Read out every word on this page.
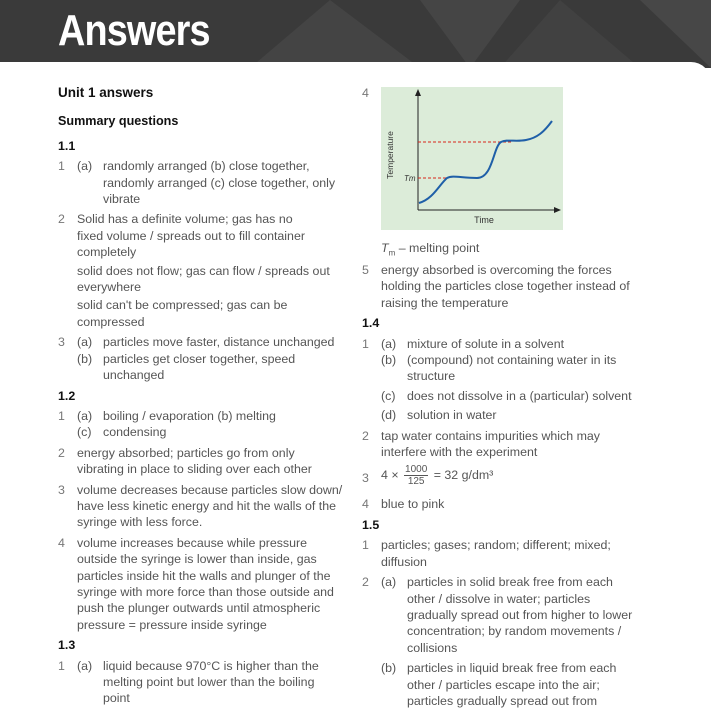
Answers
Unit 1 answers
Summary questions
1.1
1 (a) randomly arranged (b) close together,
randomly arranged (c) close together, only
vibrate
2 Solid has a definite volume; gas has no
fixed volume / spreads out to fill container
completely
solid does not flow; gas can flow / spreads out
everywhere
solid can't be compressed; gas can be
compressed
3 (a) particles move faster, distance unchanged
(b) particles get closer together, speed
unchanged
1.2
1 (a) boiling / evaporation (b) melting
(c) condensing
2 energy absorbed; particles go from only
vibrating in place to sliding over each other
3 volume decreases because particles slow down/
have less kinetic energy and hit the walls of the
syringe with less force.
4 volume increases because while pressure
outside the syringe is lower than inside, gas
particles inside hit the walls and plunger of the
syringe with more force than those outside and
push the plunger outwards until atmospheric
pressure = pressure inside syringe
1.3
1 (a) liquid because 970°C is higher than the
melting point but lower than the boiling
point
4
Temperature Tm
Time
$T_m$ – melting point
5 energy absorbed is overcoming the forces
holding the particles close together instead of
raising the temperature
1.4
1 (a) mixture of solute in a solvent
(b) (compound) not containing water in its
structure
(c) does not dissolve in a (particular) solvent
(d) solution in water
2 tap water contains impurities which may
interfere with the experiment
3 $4 \times \frac{1000}{125} = 32$ g/dm³
4 blue to pink
1.5
1 particles; gases; random; different; mixed;
diffusion
2 (a) particles in solid break free from each
other / dissolve in water; particles
gradually spread out from higher to lower
concentration; by random movements /
collisions
(b) particles in liquid break free from each
other / particles escape into the air;
particles gradually spread out from
